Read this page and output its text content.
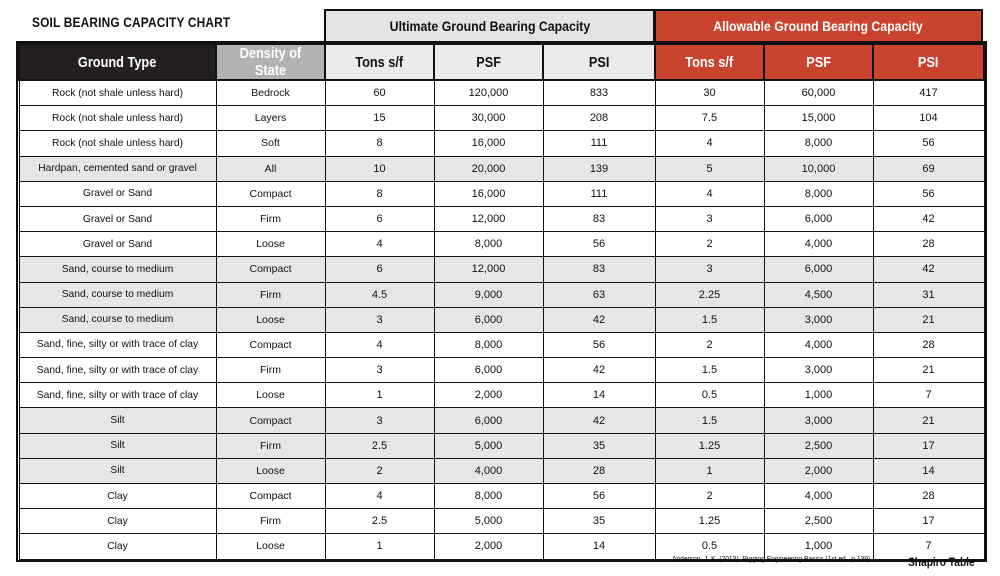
SOIL BEARING CAPACITY CHART	Ultimate Ground Bearing Capacity	Allowable Ground Bearing Capacity
Ground Type	Density of State	Tons s/f	PSF	PSI	Tons s/f	PSF	PSI
Rock (not shale unless hard)	Bedrock	60	120,000	833	30	60,000	417
Rock (not shale unless hard)	Layers	15	30,000	208	7.5	15,000	104
Rock (not shale unless hard)	Soft	8	16,000	111	4	8,000	56
Hardpan, cemented sand or gravel	All	10	20,000	139	5	10,000	69
Gravel or Sand	Compact	8	16,000	111	4	8,000	56
Gravel or Sand	Firm	6	12,000	83	3	6,000	42
Gravel or Sand	Loose	4	8,000	56	2	4,000	28
Sand, course to medium	Compact	6	12,000	83	3	6,000	42
Sand, course to medium	Firm	4.5	9,000	63	2.25	4,500	31
Sand, course to medium	Loose	3	6,000	42	1.5	3,000	21
Sand, fine, silty or with trace of clay	Compact	4	8,000	56	2	4,000	28
Sand, fine, silty or with trace of clay	Firm	3	6,000	42	1.5	3,000	21
Sand, fine, silty or with trace of clay	Loose	1	2,000	14	0.5	1,000	7
Silt	Compact	3	6,000	42	1.5	3,000	21
Silt	Firm	2.5	5,000	35	1.25	2,500	17
Silt	Loose	2	4,000	28	1	2,000	14
Clay	Compact	4	8,000	56	2	4,000	28
Clay	Firm	2.5	5,000	35	1.25	2,500	17
Clay	Loose	1	2,000	14	0.5	1,000	7
Anderson, J. K. (2013). Rigging Engineering Basics (1st ed., p.139).	Shapiro Table
